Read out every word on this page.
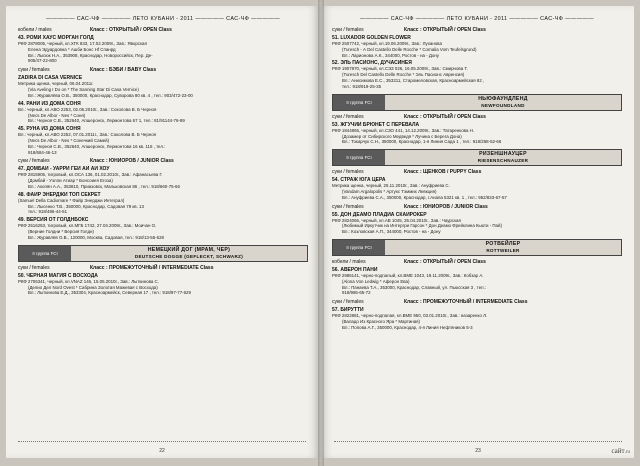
————— САС-ЧФ ————— ЛЕТО КУБАНИ - 2011 ————— САС-ЧФ —————
кобели / males	Класс : ОТКРЫТЫЙ / OPEN Class
43. РОМИ ХАУС МОРГАН ГОЛД
РКФ 2878005, черный, кл.ХГК 833, 17.02.2009г., Зав.: Яворская
Елена Эдуардовна * Ашби Бонс Hf Спанрд
Вл.: Лысюк Н.А., 353908, Краснодар, Новороссийск, Пер. Де-
905/47-22-800
суки / females	Класс : БЭБИ / BABY Class
ZADIRA DI CASA VERNICE
Метрика щенка, черный, 06.04.2011г.
(Via Aveling I Do on * The Sanning Star Di Casa Vernice)
Вл.: Журавлёва О.В., 350000, Краснодар, Суворова 80 кв. 4 , тел.: 903/472-23-00
44. РАНИ ИЗ ДОМА СОНЯ
Вл.: черный, кл.АВО 2253, 02.06.2010г., Зав.: Соколова В. Б Черноя
(Necs De Albor - Nes * Соня)
Вл.: Черноя С.В., 352640, Апшеронск, Лермонтова 67 1, тел.: 81/91144-76-89
45. РУНА ИЗ ДОМА СОНЯ
Вл.: черный, кл.АВО 2252, 07.01.2011г., Зав.: Соколова В. Б Черноя
(Necs De Albor - Nes * Сонечкий Самей)
Вл.: Черноя С.В., 352640, Апшеронск, Лермонтова 16 кв. 115 , тел.:
918/684-46-13
суки / females	Класс : ЮНИОРОВ / JUNIOR Class
47. ДОМБАЙ - УАРРИ ГЕЙ АЙ АЙ ХОУ
РКФ 2815905, тигровый, кл.ОСА 136, 01.02.2010г., Зав.: Афанасьева Г.
(Домбай - Уэлли Атиар * Бонсоиея Егоза)
Вл.: Акопян А.А., 353810, Приазовск, Мальковская 86 , тел.: 918/660-75-66
48. ФАЙР ЭНЕРДЖИ ТОП СЕКРЕТ
(Samuel Della Cadiomare * Файр Энерджи Интеграл)
Вл.: Лысенко Т.В., 350000, Краснодар, Садовая 79 кв. 13
тел.: 918/486-44-51
49. ВЕРСИЯ ОТ ГОЛДНБОКС
РКФ 2516253, тигровый, кл.МГБ 1742, 27.04.2009г., Зав.: Моичан О.
(Верние Голдни * Версия Голдн)
Вл.: Журавлёв О.В., 120000, Москва, Садовая, тел.: 918/13-55-628
II группа FCI
НЕМЕЦКИЙ ДОГ (МРАМ, ЧЕР)
DEUTSCHE DOGGE (GEFLECKT, SCHWARZ)
суки / females	Класс : ПРОМЕЖУТОЧНЫЙ / INTERMEDIATE Class
50. ЧЕРНАЯ МАГИЯ С ВОСХОДА
РКФ 2706341, черный, кл.VNAZ 146, 15.05.2010г., Зав.: Лыткинова С.
(Делио Дел Nord Ovest * Сабрина Золотая Мажевая с Восхода)
Вл.: Лыткинова Е.Д., 353304, Красноармейск, Северная 17 , тел.: 918/97-77-629
22
————— САС-ЧФ ————— ЛЕТО КУБАНИ - 2011 ————— САС-ЧФ —————
суки / females	Класс : ОТКРЫТЫЙ / OPEN Class
51. LUXADOR GOLDEN FLOWER
РКФ 2507742, черный, кл.19.06.2009г., Зав.: Луханова
(Turesch - А Del Castello Delle Rocche * Cornalia Vom Teufelsgrund)
Вл.: Ларионова А.К., 344000, Ростов - на - Дону
52. ЭЛЬ ПАСИОНС, ДУЧАСИНЕЯ
РКФ 1907870, черный, кл.СЭЗ 026, 16.05.2009г., Зав.: Смирнова Т.
(Turesch Del Castello Delle Rocche * Эль Пасионс Авренсия)
Вл.: Анисимова Е.С., 353211, Старомеловская, Красноармейская 82 ,
тел.: 918/919-25-35
II группа FCI
НЬЮФАУНДЛЕНД
NEWFOUNDLAND
суки / females	Класс : ОТКРЫТЫЙ / OPEN Class
53. ЖГУЧИЙ БРЮНЕТ С ПЕРЕВАЛА
РКФ 1844865, черный, кл.СЗО 441, 14.12.2009г., Зав.: Татаренкова Н.
(Дозамер от Сибирского Медведя * Лучина с Берега Дона)
Вл.: Токарчук С.Н., 350000, Краснодар, 1-я Линия Сада 1 , тел.: 918/258-52-66
II группа FCI
РИЗЕНШНАУЦЕР
RIESENSCHNAUZER
суки / females	Класс : ЩЕНКОВ / PUPPY Class
54. СТРАЖ ЮГА ЦЕРА
Метрика щенка, черный, 25.11.2010г., Зав.: Ануфриева С.
(Vandam Argalopolis * Артукс Тэммих Левкция)
Вл.: Ануфриева С.А., 350000, Краснодар, г.Анапа 5321 кв. 1 , тел.: 952/833-67-57
суки / females	Класс : ЮНИОРОВ / JUNIOR Class
55. ДОН ДЕАМО ПЛАДИА СКАЙРОКЕР
РКФ 2824066, черный, кл.АВ 1045, 26.04.2010г., Зав.: Чаурская
(Любимый Иркутчик на Интергри Гарсон * Дон Деамо Фрейклина Кьюти - Пай)
Вл.: Козловская А.П., 344000, Ростов - на - Дону
II группа FCI
РОТВЕЙЛЕР
ROTTWEILER
кобели / males	Класс : ОТКРЫТЫЙ / OPEN Class
56. АВЕРОН ПАНИ
РКФ 2986141, черно-подпалый, кл.ВМЕ 1043, 19.11.2009г., Зав.: Кобзар А.
(Alona Von Ledwig * Аферон Ева)
Вл.: Панаева Т.А., 353000, Краснодар, Славный, ул. Пьюсская 3 , тел.:
918/986-65-72
суки / females	Класс : ПРОМЕЖУТОЧНЫЙ / INTERMEDIATE Class
57. БИРУТТИ
РКФ 2822881, черно-подпалая, кл.ВМЕ 950, 03.01.2010г., Зав.: назаренко Л.
(Валадо Из Красного Яра * Мартиная)
Вл.: Попова А.Г., 350000, Краснодар, 4-я Линия Нефтяников 5-3
23	сайт.ru
